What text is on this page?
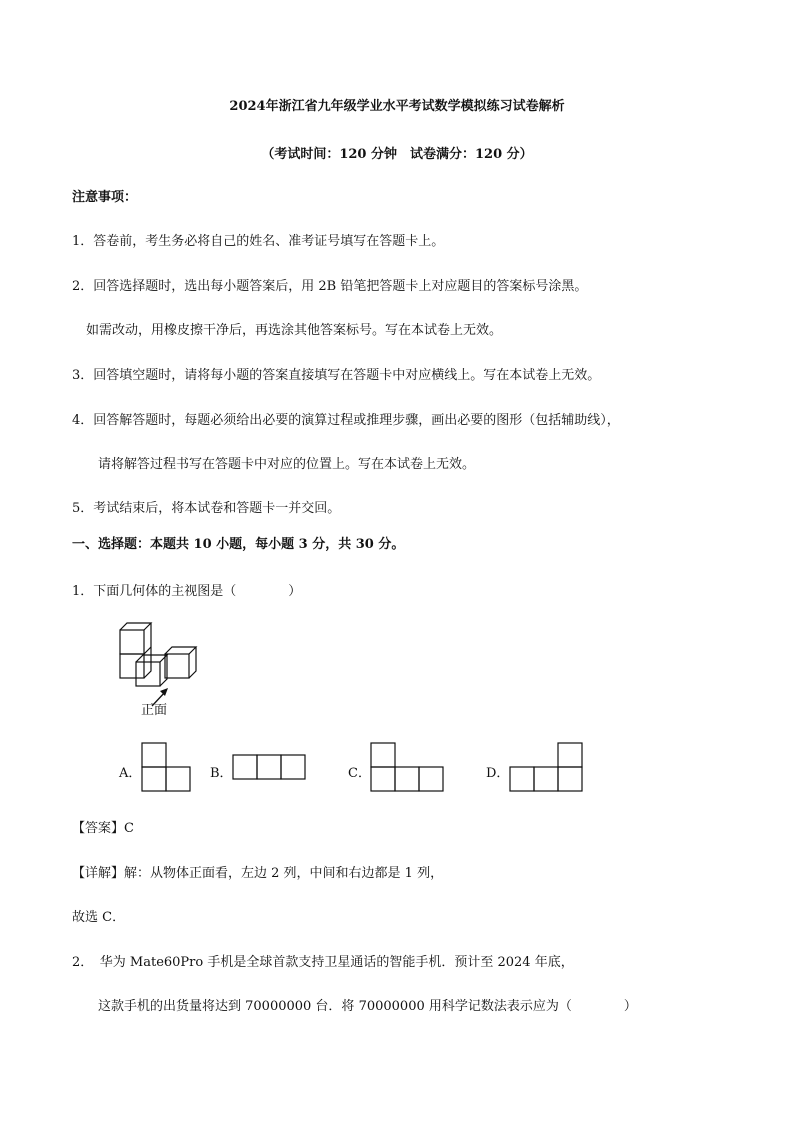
2024年浙江省九年级学业水平考试数学模拟练习试卷解析
（考试时间：120 分钟　试卷满分：120 分）
注意事项：
1．答卷前，考生务必将自己的姓名、准考证号填写在答题卡上。
2．回答选择题时，选出每小题答案后，用 2B 铅笔把答题卡上对应题目的答案标号涂黑。
如需改动，用橡皮擦干净后，再选涂其他答案标号。写在本试卷上无效。
3．回答填空题时，请将每小题的答案直接填写在答题卡中对应横线上。写在本试卷上无效。
4．回答解答题时，每题必须给出必要的演算过程或推理步骤，画出必要的图形（包括辅助线），
请将解答过程书写在答题卡中对应的位置上。写在本试卷上无效。
5．考试结束后，将本试卷和答题卡一并交回。
一、选择题：本题共 10 小题，每小题 3 分，共 30 分。
1．下面几何体的主视图是（　　　　）
正面
A．	B．	C．	D．
【答案】C
【详解】解：从物体正面看，左边 2 列，中间和右边都是 1 列，
故选 C．
2．　华为 Mate60Pro 手机是全球首款支持卫星通话的智能手机．预计至 2024 年底，
这款手机的出货量将达到 70000000 台．将 70000000 用科学记数法表示应为（　　　　）
